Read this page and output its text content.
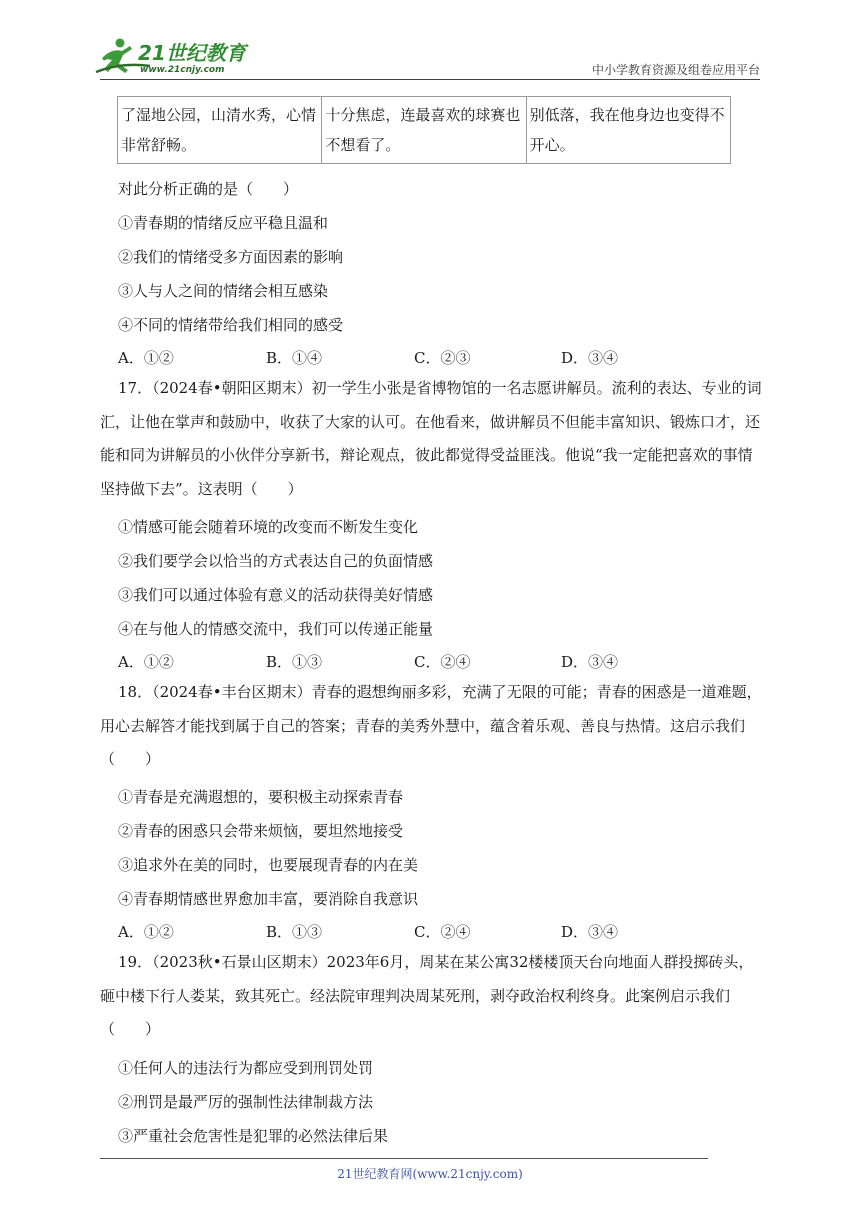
21世纪教育
www.21cnjy.com	中小学教育资源及组卷应用平台
了湿地公园，山清水秀，心情非常舒畅。	十分焦虑，连最喜欢的球赛也不想看了。	别低落，我在他身边也变得不开心。
对此分析正确的是（　　）
①青春期的情绪反应平稳且温和
②我们的情绪受多方面因素的影响
③人与人之间的情绪会相互感染
④不同的情绪带给我们相同的感受
A．①②	B．①④	C．②③	D．③④
17．（2024春•朝阳区期末）初一学生小张是省博物馆的一名志愿讲解员。流利的表达、专业的词汇，让他在掌声和鼓励中，收获了大家的认可。在他看来，做讲解员不但能丰富知识、锻炼口才，还能和同为讲解员的小伙伴分享新书，辩论观点，彼此都觉得受益匪浅。他说“我一定能把喜欢的事情坚持做下去”。这表明（　　）
①情感可能会随着环境的改变而不断发生变化
②我们要学会以恰当的方式表达自己的负面情感
③我们可以通过体验有意义的活动获得美好情感
④在与他人的情感交流中，我们可以传递正能量
A．①②	B．①③	C．②④	D．③④
18．（2024春•丰台区期末）青春的遐想绚丽多彩，充满了无限的可能；青春的困惑是一道难题，用心去解答才能找到属于自己的答案；青春的美秀外慧中，蕴含着乐观、善良与热情。这启示我们（　　）
①青春是充满遐想的，要积极主动探索青春
②青春的困惑只会带来烦恼，要坦然地接受
③追求外在美的同时，也要展现青春的内在美
④青春期情感世界愈加丰富，要消除自我意识
A．①②	B．①③	C．②④	D．③④
19．（2023秋•石景山区期末）2023年6月，周某在某公寓32楼楼顶天台向地面人群投掷砖头，砸中楼下行人娄某，致其死亡。经法院审理判决周某死刑，剥夺政治权利终身。此案例启示我们（　　）
①任何人的违法行为都应受到刑罚处罚
②刑罚是最严厉的强制性法律制裁方法
③严重社会危害性是犯罪的必然法律后果
21世纪教育网(www.21cnjy.com)
